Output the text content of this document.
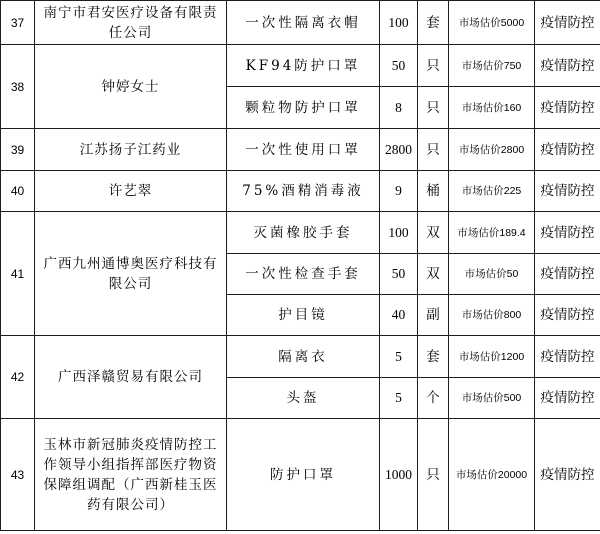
37	南宁市君安医疗设备有限责任公司	一次性隔离衣帽	100	套	市场估价5000	疫情防控
38	钟婷女士	KF94防护口罩	50	只	市场估价750	疫情防控
		颗粒物防护口罩	8	只	市场估价160	疫情防控
39	江苏扬子江药业	一次性使用口罩	2800	只	市场估价2800	疫情防控
40	许艺翠	75%酒精消毒液	9	桶	市场估价225	疫情防控
41	广西九州通博奥医疗科技有限公司	灭菌橡胶手套	100	双	市场估价189.4	疫情防控
		一次性检查手套	50	双	市场估价50	疫情防控
		护目镜	40	副	市场估价800	疫情防控
42	广西泽赣贸易有限公司	隔离衣	5	套	市场估价1200	疫情防控
		头盔	5	个	市场估价500	疫情防控
43	玉林市新冠肺炎疫情防控工作领导小组指挥部医疗物资保障组调配（广西新桂玉医药有限公司）	防护口罩	1000	只	市场估价20000	疫情防控
